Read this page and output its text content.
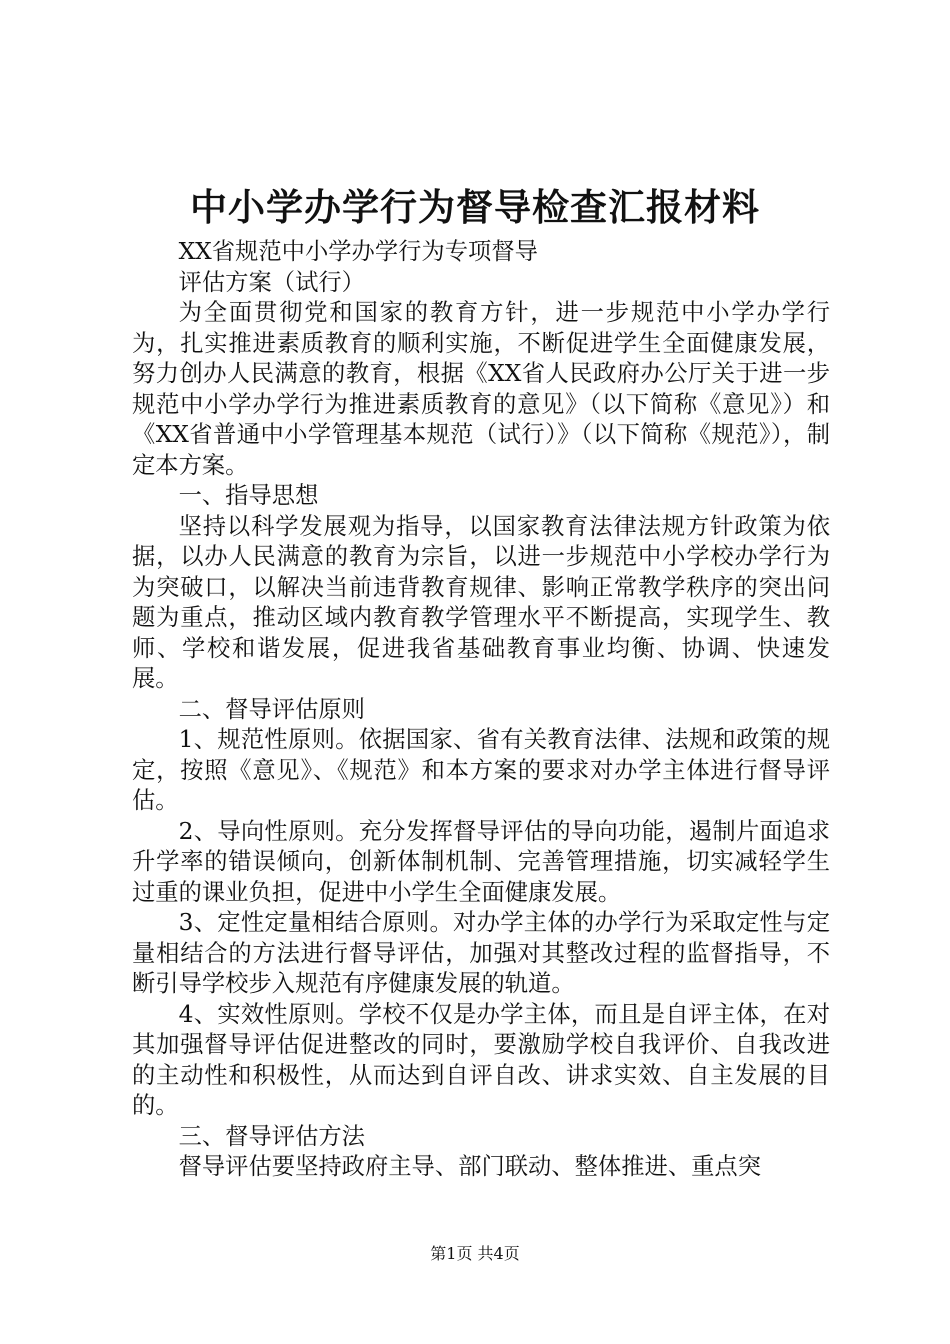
中小学办学行为督导检查汇报材料

XX省规范中小学办学行为专项督导

评估方案（试行）

为全面贯彻党和国家的教育方针，进一步规范中小学办学行为，扎实推进素质教育的顺利实施，不断促进学生全面健康发展，努力创办人民满意的教育，根据《XX省人民政府办公厅关于进一步规范中小学办学行为推进素质教育的意见》（以下简称《意见》）和《XX省普通中小学管理基本规范（试行）》（以下简称《规范》），制定本方案。

一、指导思想

坚持以科学发展观为指导，以国家教育法律法规方针政策为依据，以办人民满意的教育为宗旨，以进一步规范中小学校办学行为为突破口，以解决当前违背教育规律、影响正常教学秩序的突出问题为重点，推动区域内教育教学管理水平不断提高，实现学生、教师、学校和谐发展，促进我省基础教育事业均衡、协调、快速发展。

二、督导评估原则

1、规范性原则。依据国家、省有关教育法律、法规和政策的规定，按照《意见》、《规范》和本方案的要求对办学主体进行督导评估。

2、导向性原则。充分发挥督导评估的导向功能，遏制片面追求升学率的错误倾向，创新体制机制、完善管理措施，切实减轻学生过重的课业负担，促进中小学生全面健康发展。

3、定性定量相结合原则。对办学主体的办学行为采取定性与定量相结合的方法进行督导评估，加强对其整改过程的监督指导，不断引导学校步入规范有序健康发展的轨道。

4、实效性原则。学校不仅是办学主体，而且是自评主体，在对其加强督导评估促进整改的同时，要激励学校自我评价、自我改进的主动性和积极性，从而达到自评自改、讲求实效、自主发展的目的。

三、督导评估方法

督导评估要坚持政府主导、部门联动、整体推进、重点突

第1页 共4页
